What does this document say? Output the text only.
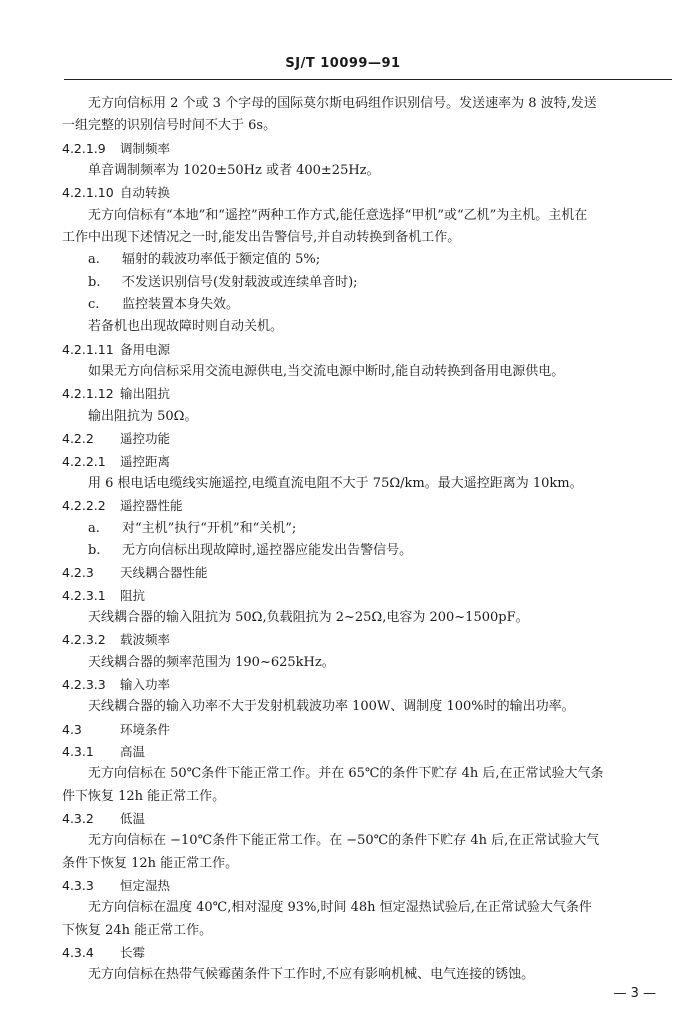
SJ/T 10099—91
无方向信标用 2 个或 3 个字母的国际莫尔斯电码组作识别信号。发送速率为 8 波特,发送
一组完整的识别信号时间不大于 6s。
4.2.1.9 调制频率
单音调制频率为 1020±50Hz 或者 400±25Hz。
4.2.1.10 自动转换
无方向信标有“本地”和“遥控”两种工作方式,能任意选择“甲机”或“乙机”为主机。主机在
工作中出现下述情况之一时,能发出告警信号,并自动转换到备机工作。
a. 辐射的载波功率低于额定值的 5%;
b. 不发送识别信号(发射载波或连续单音时);
c. 监控装置本身失效。
若备机也出现故障时则自动关机。
4.2.1.11 备用电源
如果无方向信标采用交流电源供电,当交流电源中断时,能自动转换到备用电源供电。
4.2.1.12 输出阻抗
输出阻抗为 50Ω。
4.2.2 遥控功能
4.2.2.1 遥控距离
用 6 根电话电缆线实施遥控,电缆直流电阻不大于 75Ω/km。最大遥控距离为 10km。
4.2.2.2 遥控器性能
a. 对“主机”执行“开机”和“关机”;
b. 无方向信标出现故障时,遥控器应能发出告警信号。
4.2.3 天线耦合器性能
4.2.3.1 阻抗
天线耦合器的输入阻抗为 50Ω,负载阻抗为 2~25Ω,电容为 200~1500pF。
4.2.3.2 载波频率
天线耦合器的频率范围为 190~625kHz。
4.2.3.3 输入功率
天线耦合器的输入功率不大于发射机载波功率 100W、调制度 100%时的输出功率。
4.3	环境条件
4.3.1 高温
无方向信标在 50℃条件下能正常工作。并在 65℃的条件下贮存 4h 后,在正常试验大气条
件下恢复 12h 能正常工作。
4.3.2 低温
无方向信标在 −10℃条件下能正常工作。在 −50℃的条件下贮存 4h 后,在正常试验大气
条件下恢复 12h 能正常工作。
4.3.3 恒定湿热
无方向信标在温度 40℃,相对湿度 93%,时间 48h 恒定湿热试验后,在正常试验大气条件
下恢复 24h 能正常工作。
4.3.4 长霉
无方向信标在热带气候霉菌条件下工作时,不应有影响机械、电气连接的锈蚀。
— 3 —
